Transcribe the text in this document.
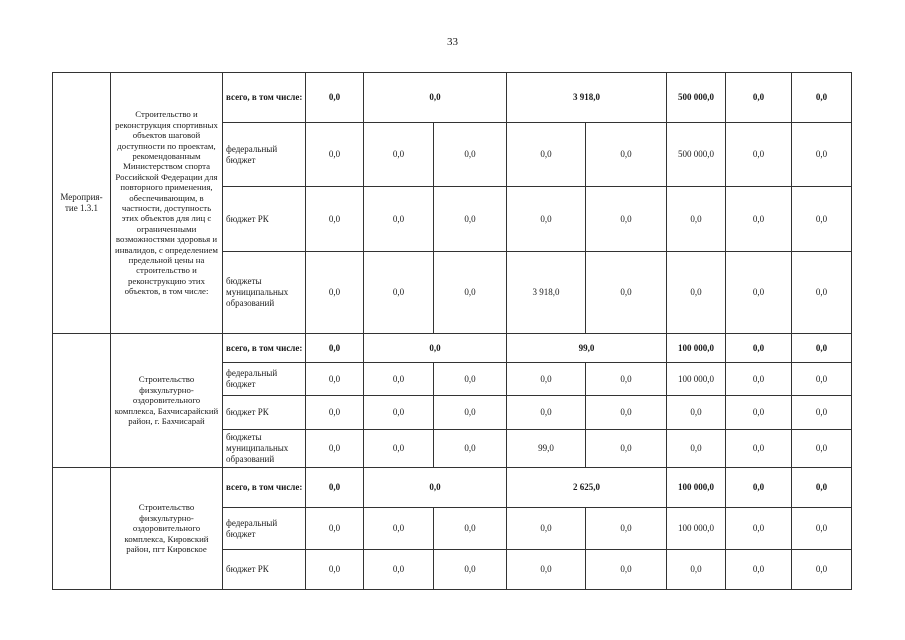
33
Мероприя-тие 1.3.1	Строительство и реконструкция спортивных объектов шаговой доступности по проектам, рекомендованным Министерством спорта Российской Федерации для повторного применения, обеспечивающим, в частности, доступность этих объектов для лиц с ограниченными возможностями здоровья и инвалидов, с определением предельной цены на строительство и реконструкцию этих объектов, в том числе:	всего, в том числе:	0,0	0,0		3 918,0		500 000,0	0,0	0,0
		федеральный бюджет	0,0	0,0	0,0	0,0	0,0	500 000,0	0,0	0,0
		бюджет РК	0,0	0,0	0,0	0,0	0,0	0,0	0,0	0,0
		бюджеты муниципальных образований	0,0	0,0	0,0	3 918,0	0,0	0,0	0,0	0,0
	Строительство физкультурно-оздоровительного комплекса, Бахчисарайский район, г. Бахчисарай	всего, в том числе:	0,0	0,0		99,0		100 000,0	0,0	0,0
		федеральный бюджет	0,0	0,0	0,0	0,0	0,0	100 000,0	0,0	0,0
		бюджет РК	0,0	0,0	0,0	0,0	0,0	0,0	0,0	0,0
		бюджеты муниципальных образований	0,0	0,0	0,0	99,0	0,0	0,0	0,0	0,0
	Строительство физкультурно-оздоровительного комплекса, Кировский район, пгт Кировское	всего, в том числе:	0,0	0,0		2 625,0		100 000,0	0,0	0,0
		федеральный бюджет	0,0	0,0	0,0	0,0	0,0	100 000,0	0,0	0,0
		бюджет РК	0,0	0,0	0,0	0,0	0,0	0,0	0,0	0,0
